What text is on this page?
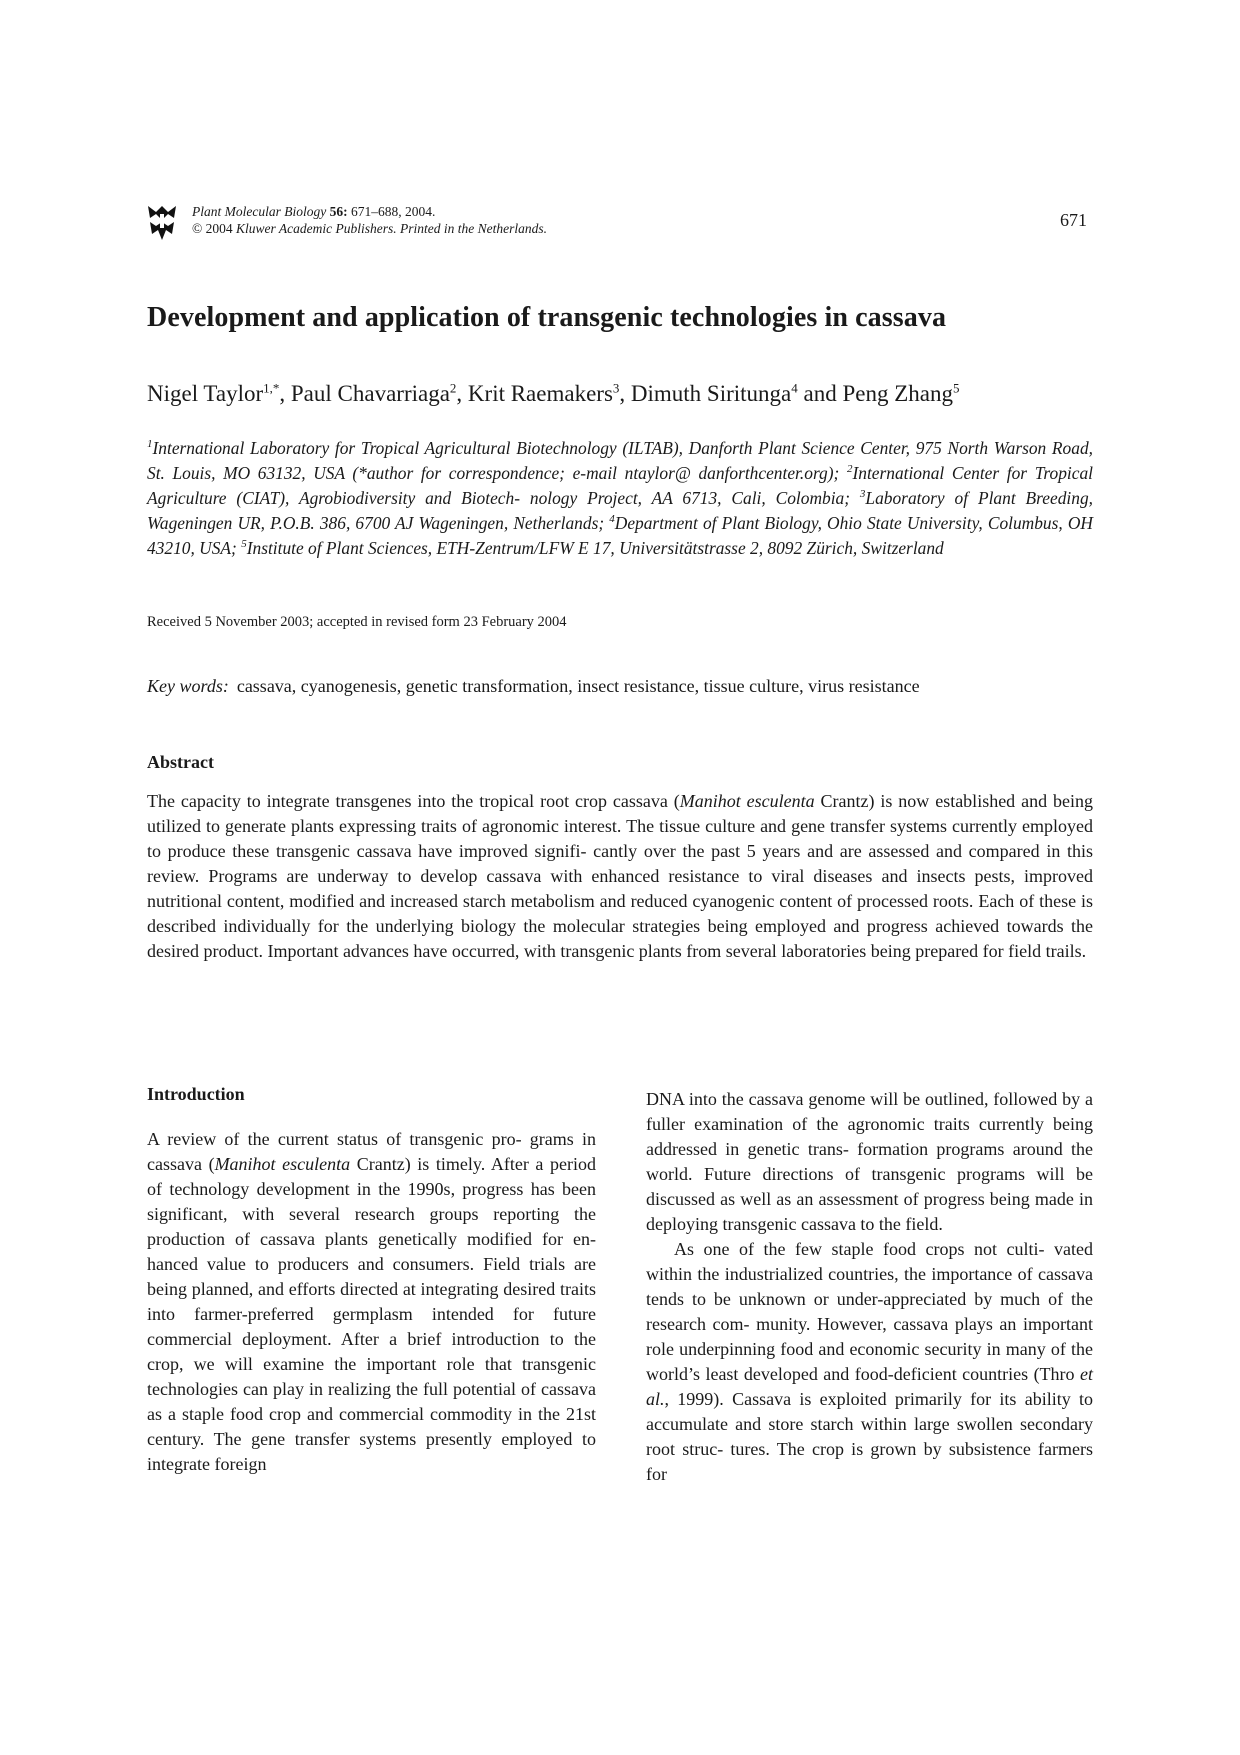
Plant Molecular Biology 56: 671–688, 2004.
© 2004 Kluwer Academic Publishers. Printed in the Netherlands.	671
Development and application of transgenic technologies in cassava
Nigel Taylor$^{1,*}$, Paul Chavarriaga$^2$, Krit Raemakers$^3$, Dimuth Siritunga$^4$ and Peng Zhang$^5$
$^1$International Laboratory for Tropical Agricultural Biotechnology (ILTAB), Danforth Plant Science Center, 975 North Warson Road, St. Louis, MO 63132, USA (*author for correspondence; e-mail ntaylor@ danforthcenter.org); $^2$International Center for Tropical Agriculture (CIAT), Agrobiodiversity and Biotech- nology Project, AA 6713, Cali, Colombia; $^3$Laboratory of Plant Breeding, Wageningen UR, P.O.B. 386, 6700 AJ Wageningen, Netherlands; $^4$Department of Plant Biology, Ohio State University, Columbus, OH 43210, USA; $^5$Institute of Plant Sciences, ETH-Zentrum/LFW E 17, Universitätstrasse 2, 8092 Zürich, Switzerland
Received 5 November 2003; accepted in revised form 23 February 2004
Key words: cassava, cyanogenesis, genetic transformation, insect resistance, tissue culture, virus resistance
Abstract
The capacity to integrate transgenes into the tropical root crop cassava (Manihot esculenta Crantz) is now established and being utilized to generate plants expressing traits of agronomic interest. The tissue culture and gene transfer systems currently employed to produce these transgenic cassava have improved signifi- cantly over the past 5 years and are assessed and compared in this review. Programs are underway to develop cassava with enhanced resistance to viral diseases and insects pests, improved nutritional content, modified and increased starch metabolism and reduced cyanogenic content of processed roots. Each of these is described individually for the underlying biology the molecular strategies being employed and progress achieved towards the desired product. Important advances have occurred, with transgenic plants from several laboratories being prepared for field trails.
Introduction
A review of the current status of transgenic pro- grams in cassava (Manihot esculenta Crantz) is timely. After a period of technology development in the 1990s, progress has been significant, with several research groups reporting the production of cassava plants genetically modified for en- hanced value to producers and consumers. Field trials are being planned, and efforts directed at integrating desired traits into farmer-preferred germplasm intended for future commercial deployment. After a brief introduction to the crop, we will examine the important role that transgenic technologies can play in realizing the full potential of cassava as a staple food crop and commercial commodity in the 21st century. The gene transfer systems presently employed to integrate foreign

DNA into the cassava genome will be outlined, followed by a fuller examination of the agronomic traits currently being addressed in genetic trans- formation programs around the world. Future directions of transgenic programs will be discussed as well as an assessment of progress being made in deploying transgenic cassava to the field.

As one of the few staple food crops not culti- vated within the industrialized countries, the importance of cassava tends to be unknown or under-appreciated by much of the research com- munity. However, cassava plays an important role underpinning food and economic security in many of the world’s least developed and food-deficient countries (Thro et al., 1999). Cassava is exploited primarily for its ability to accumulate and store starch within large swollen secondary root struc- tures. The crop is grown by subsistence farmers for
